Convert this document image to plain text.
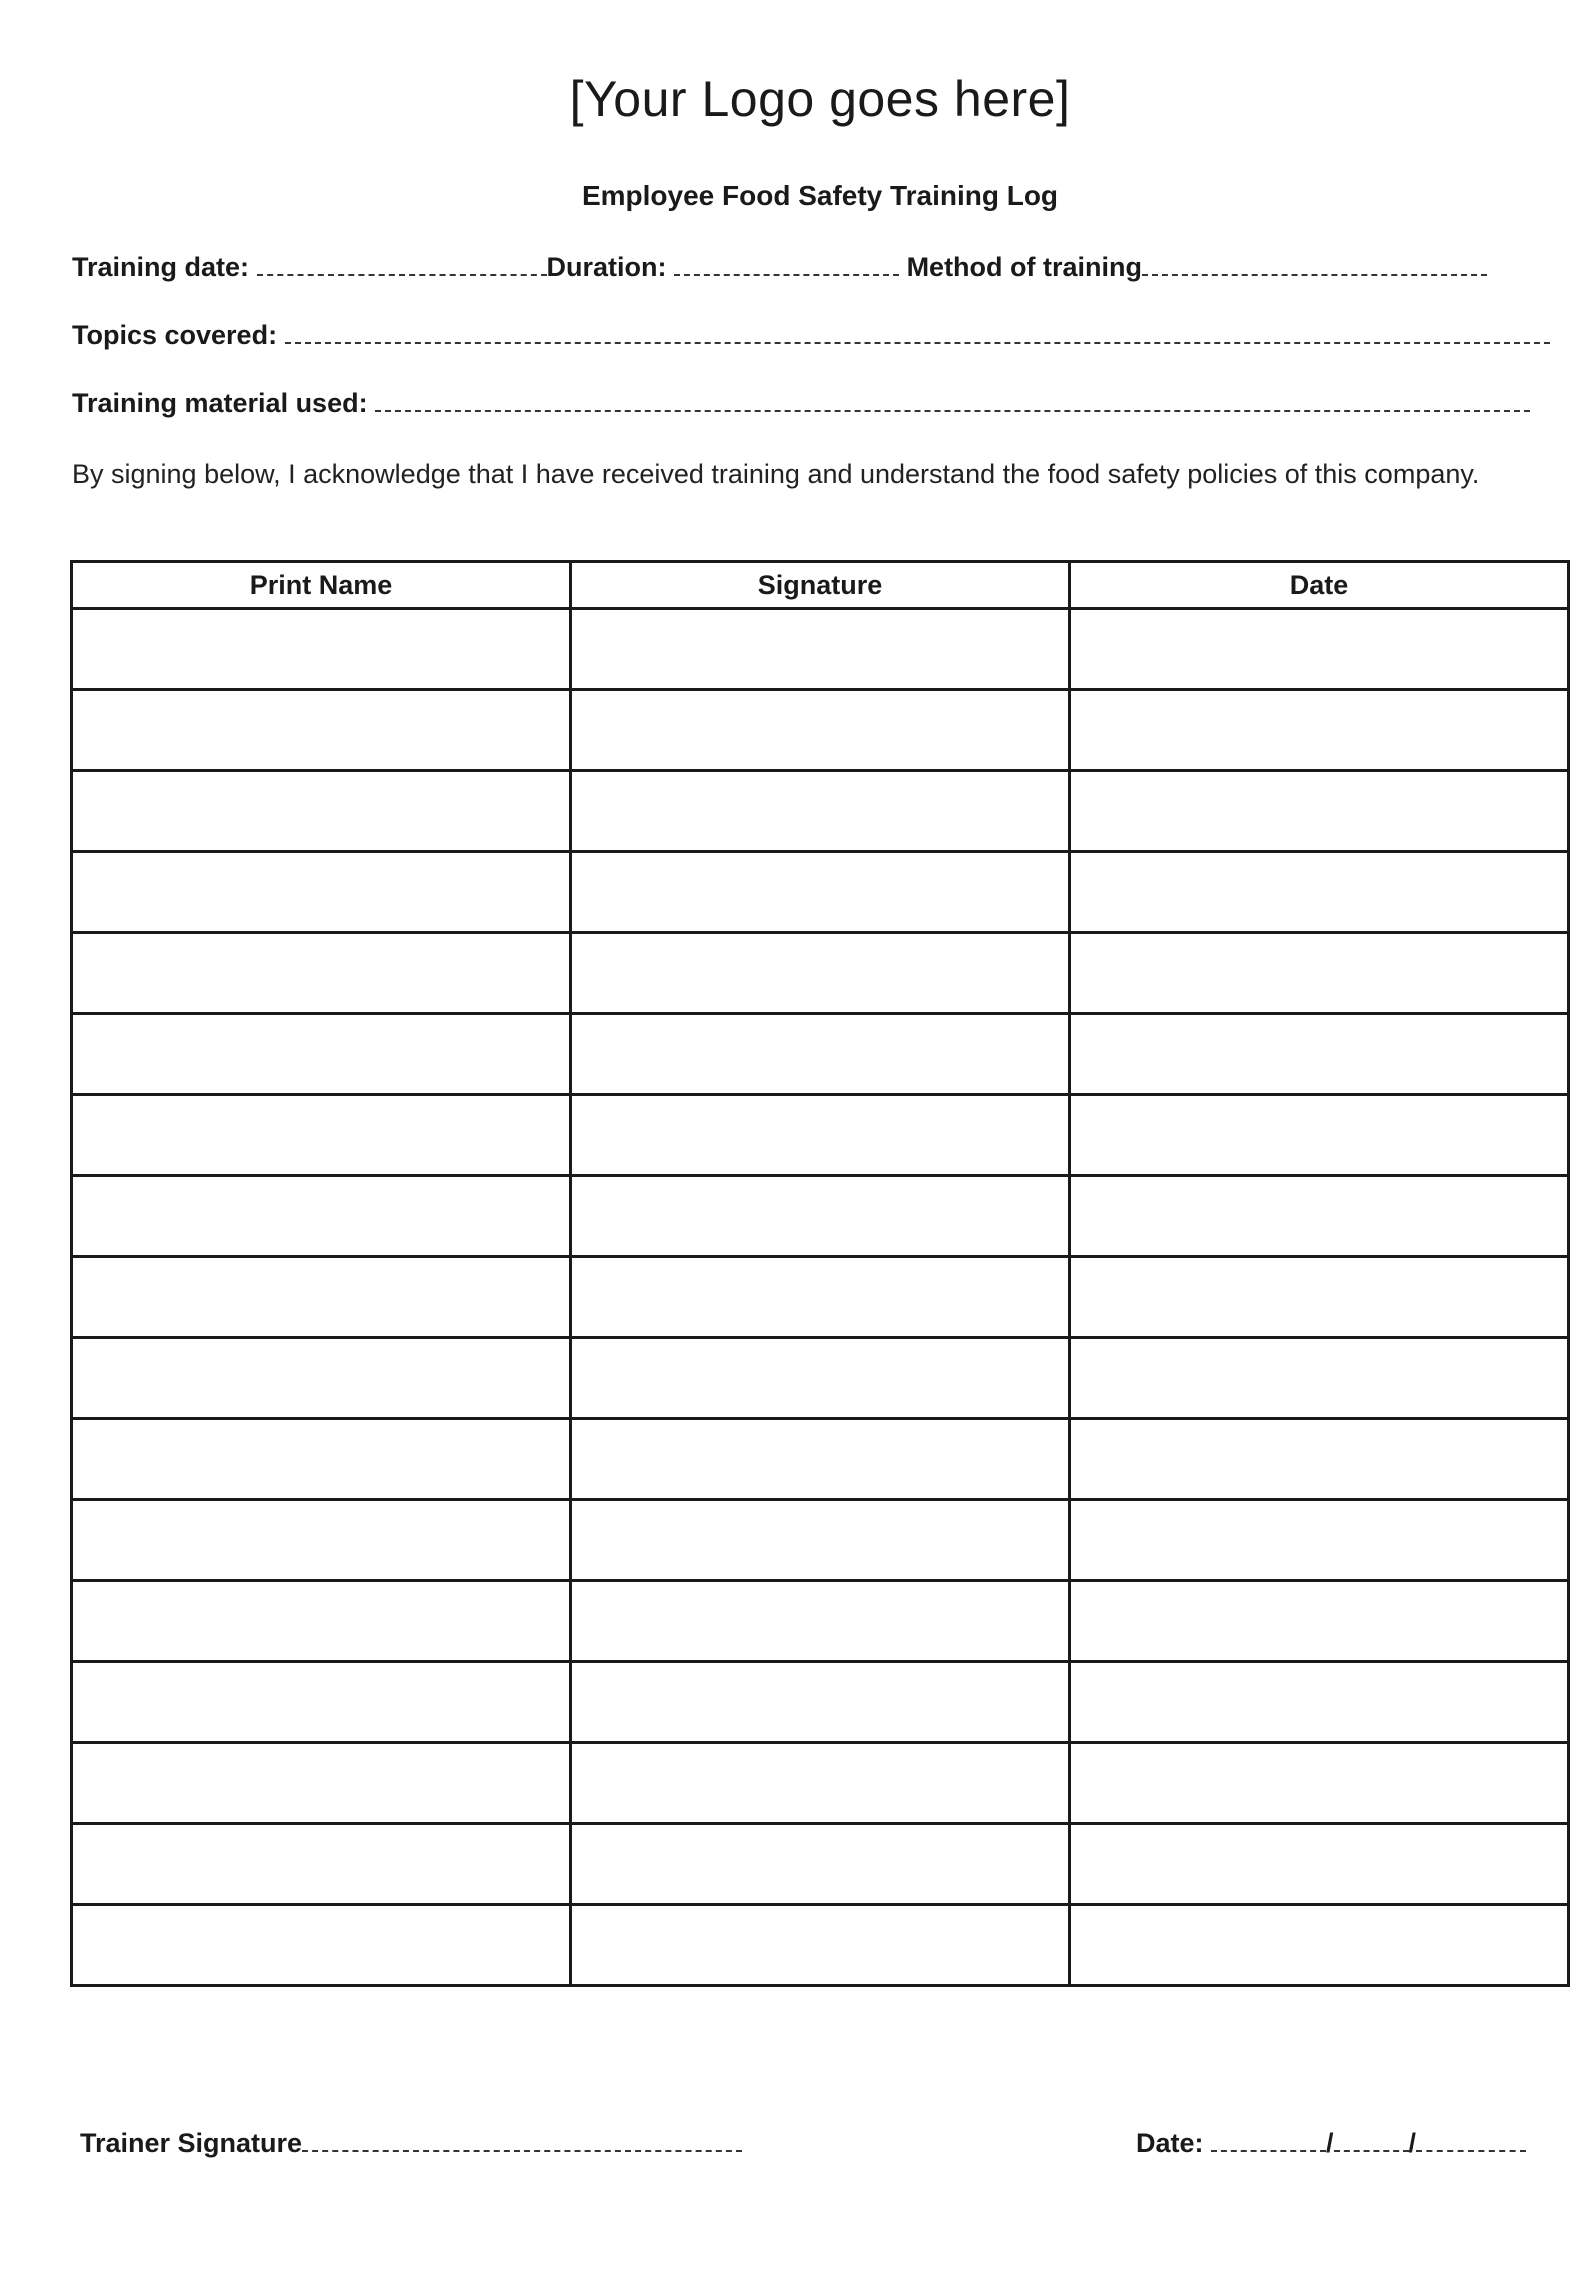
[Your Logo goes here]
Employee Food Safety Training Log
Training date:	Duration:	Method of training
Topics covered:
Training material used:
By signing below, I acknowledge that I have received training and understand the food safety policies of this company.
Print Name	Signature	Date

Trainer Signature	Date:	/	/
